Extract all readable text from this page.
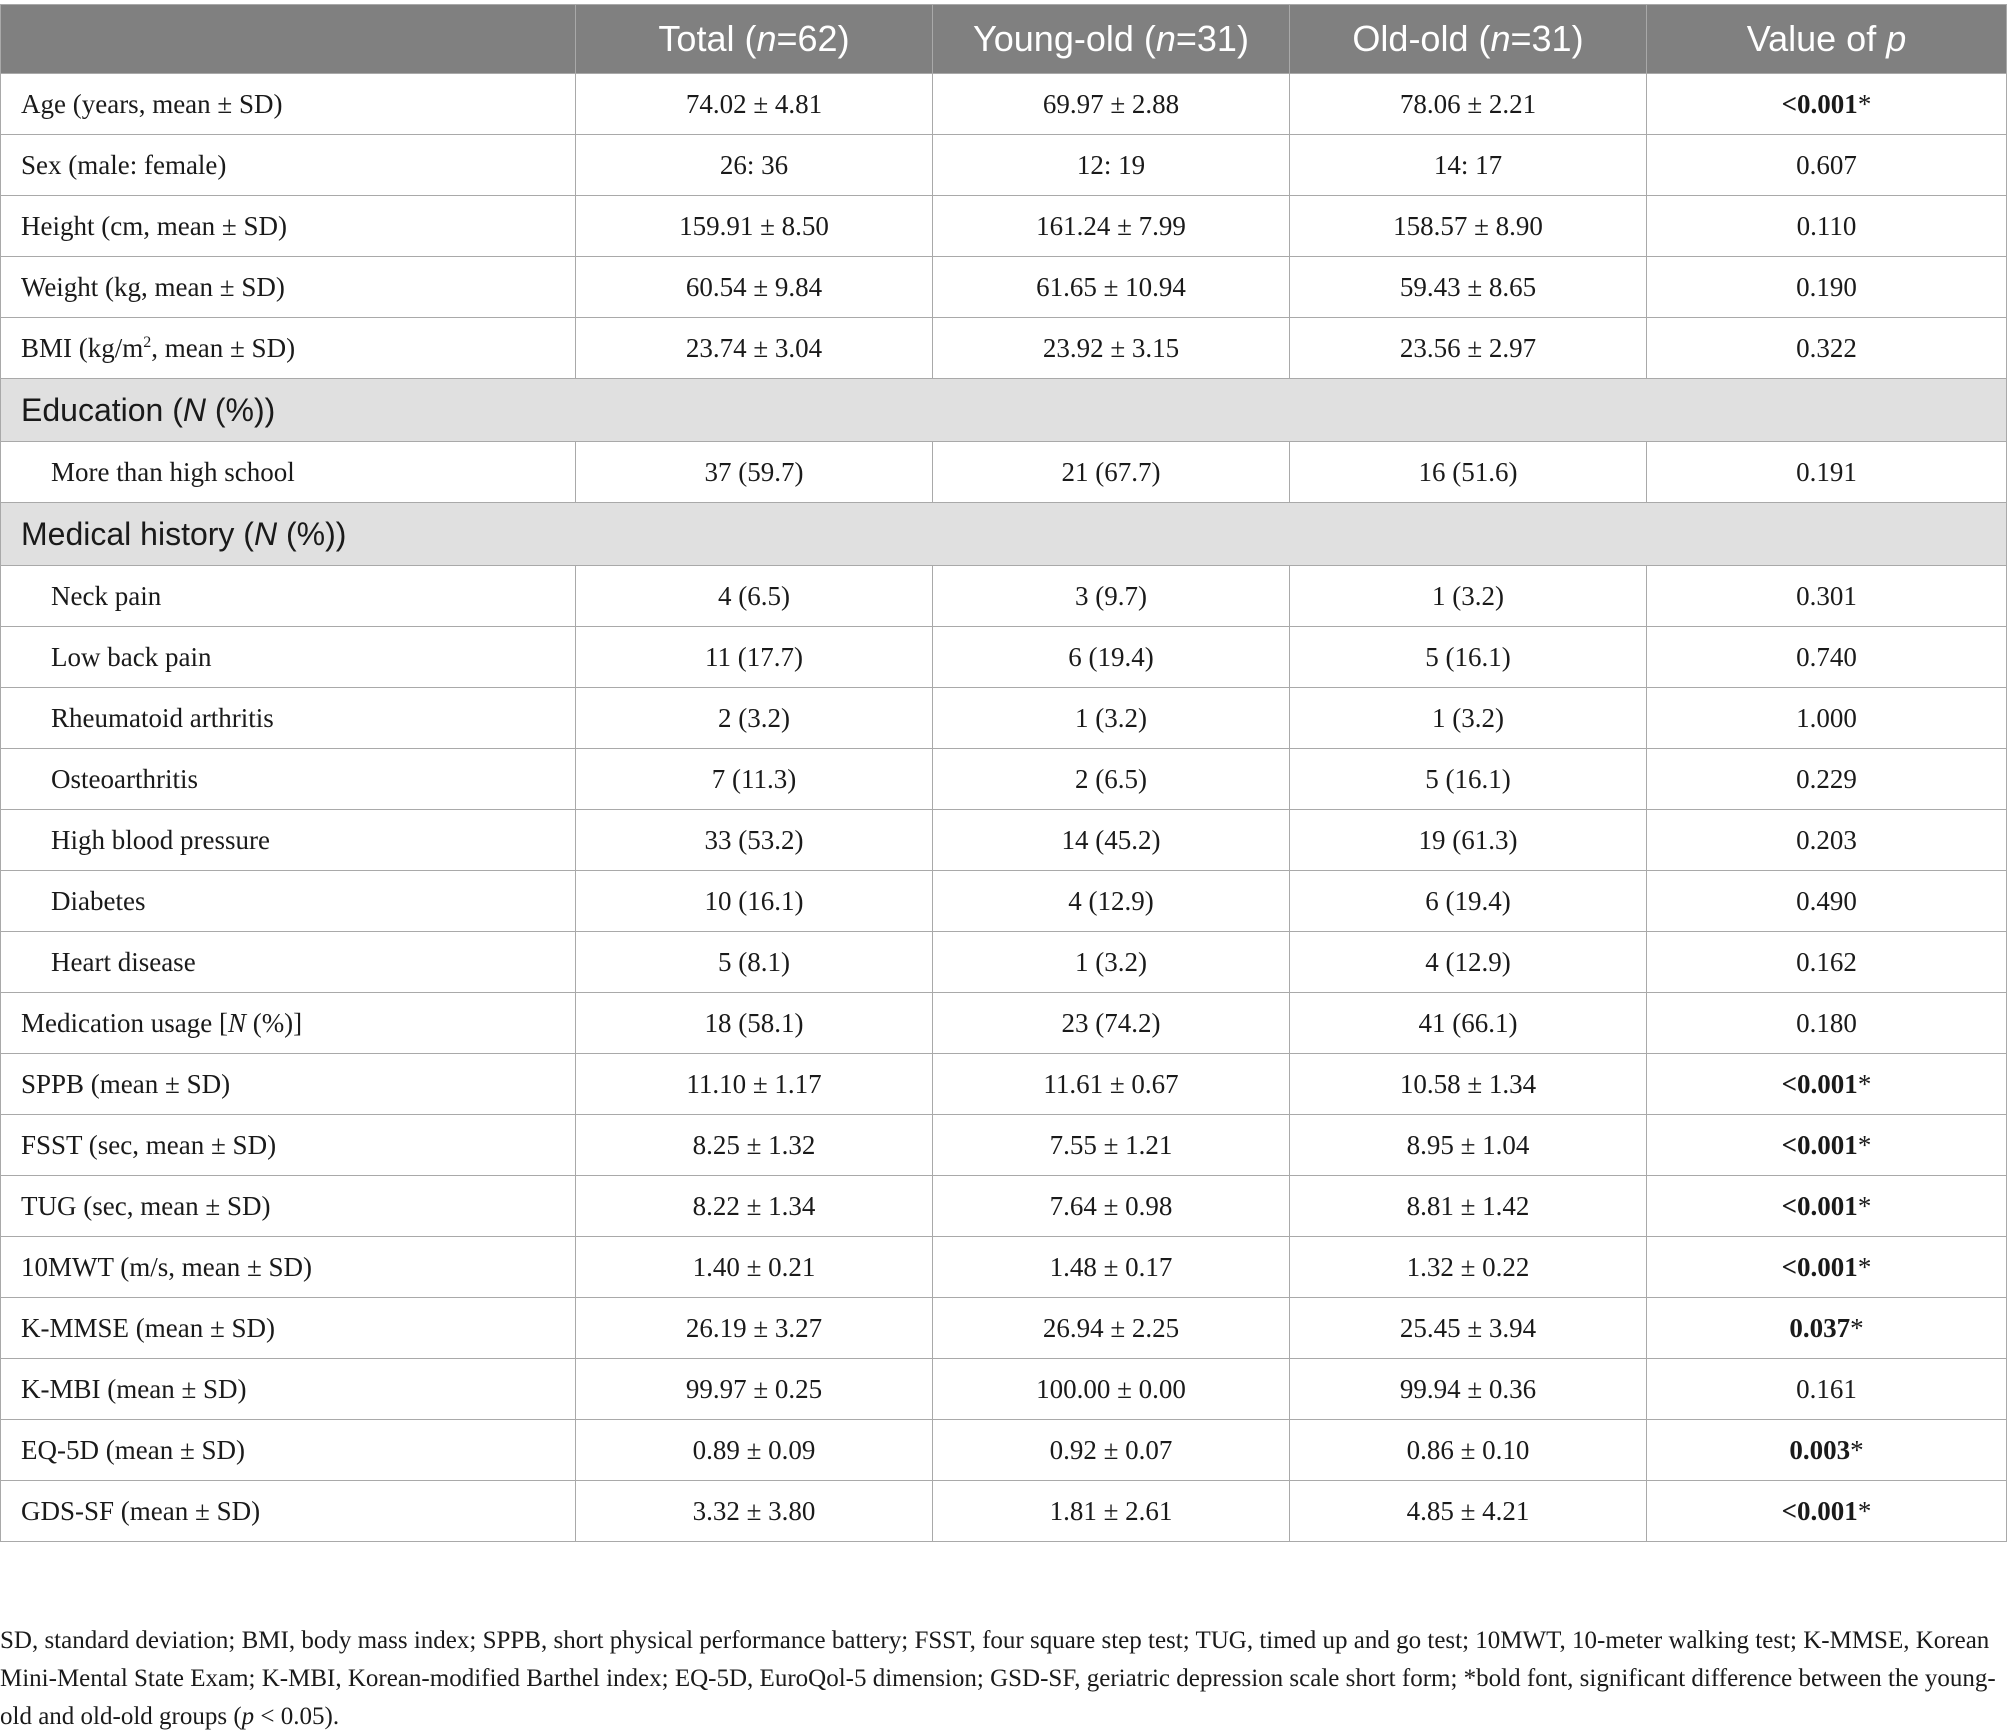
	Total (n=62)	Young-old (n=31)	Old-old (n=31)	Value of p
Age (years, mean ± SD)	74.02 ± 4.81	69.97 ± 2.88	78.06 ± 2.21	<0.001*
Sex (male: female)	26: 36	12: 19	14: 17	0.607
Height (cm, mean ± SD)	159.91 ± 8.50	161.24 ± 7.99	158.57 ± 8.90	0.110
Weight (kg, mean ± SD)	60.54 ± 9.84	61.65 ± 10.94	59.43 ± 8.65	0.190
BMI ($kg/m^2$, mean ± SD)	23.74 ± 3.04	23.92 ± 3.15	23.56 ± 2.97	0.322
Education (N (%))				
More than high school	37 (59.7)	21 (67.7)	16 (51.6)	0.191
Medical history (N (%))				
Neck pain	4 (6.5)	3 (9.7)	1 (3.2)	0.301
Low back pain	11 (17.7)	6 (19.4)	5 (16.1)	0.740
Rheumatoid arthritis	2 (3.2)	1 (3.2)	1 (3.2)	1.000
Osteoarthritis	7 (11.3)	2 (6.5)	5 (16.1)	0.229
High blood pressure	33 (53.2)	14 (45.2)	19 (61.3)	0.203
Diabetes	10 (16.1)	4 (12.9)	6 (19.4)	0.490
Heart disease	5 (8.1)	1 (3.2)	4 (12.9)	0.162
Medication usage [N (%)]	18 (58.1)	23 (74.2)	41 (66.1)	0.180
SPPB (mean ± SD)	11.10 ± 1.17	11.61 ± 0.67	10.58 ± 1.34	<0.001*
FSST (sec, mean ± SD)	8.25 ± 1.32	7.55 ± 1.21	8.95 ± 1.04	<0.001*
TUG (sec, mean ± SD)	8.22 ± 1.34	7.64 ± 0.98	8.81 ± 1.42	<0.001*
10MWT (m/s, mean ± SD)	1.40 ± 0.21	1.48 ± 0.17	1.32 ± 0.22	<0.001*
K-MMSE (mean ± SD)	26.19 ± 3.27	26.94 ± 2.25	25.45 ± 3.94	0.037*
K-MBI (mean ± SD)	99.97 ± 0.25	100.00 ± 0.00	99.94 ± 0.36	0.161
EQ-5D (mean ± SD)	0.89 ± 0.09	0.92 ± 0.07	0.86 ± 0.10	0.003*
GDS-SF (mean ± SD)	3.32 ± 3.80	1.81 ± 2.61	4.85 ± 4.21	<0.001*
SD, standard deviation; BMI, body mass index; SPPB, short physical performance battery; FSST, four square step test; TUG, timed up and go test; 10MWT, 10-meter walking test; K-MMSE, Korean Mini-Mental State Exam; K-MBI, Korean-modified Barthel index; EQ-5D, EuroQol-5 dimension; GSD-SF, geriatric depression scale short form; *bold font, significant difference between the young-old and old-old groups (p < 0.05).
